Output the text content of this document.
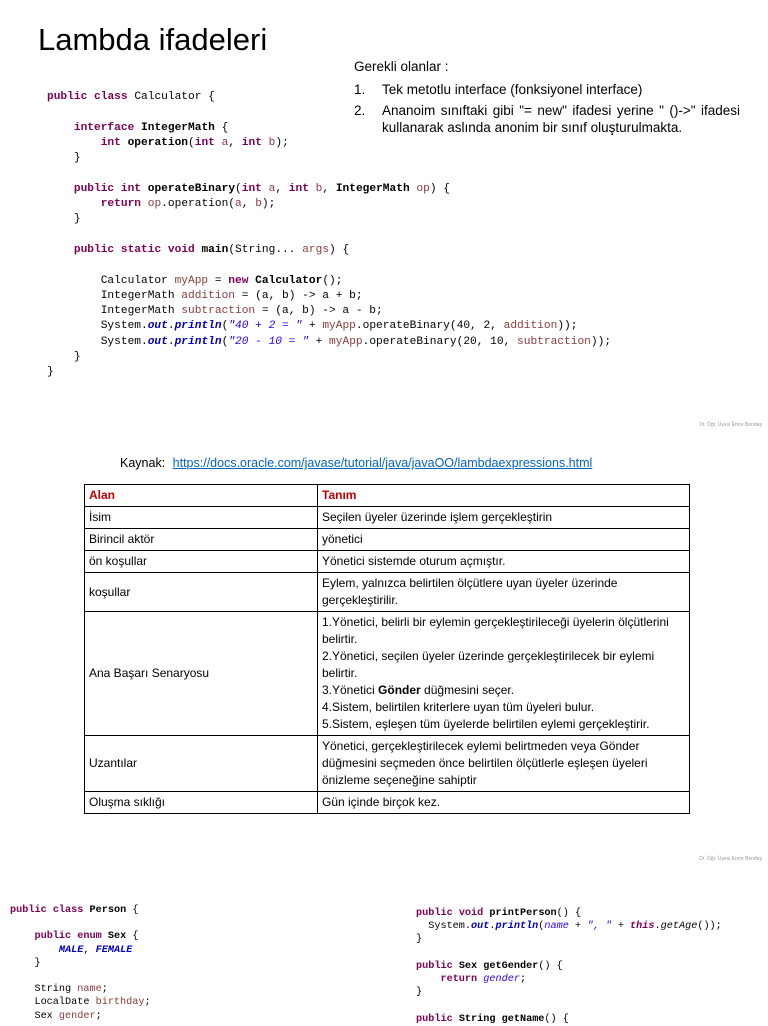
Lambda ifadeleri
public class Calculator {

interface IntegerMath {
int operation(int a, int b);
}

public int operateBinary(int a, int b, IntegerMath op) {
return op.operation(a, b);
}

public static void main(String... args) {

Calculator myApp = new Calculator();
IntegerMath addition = (a, b) -> a + b;
IntegerMath subtraction = (a, b) -> a - b;
System.out.println("40 + 2 = " + myApp.operateBinary(40, 2, addition));
System.out.println("20 - 10 = " + myApp.operateBinary(20, 10, subtraction));
}
}
Gerekli olanlar :
1. Tek metotlu interface (fonksiyonel interface)
2. Ananoim sınıftaki gibi "= new" ifadesi yerine " ()->" ifadesi kullanarak aslında anonim bir sınıf oluşturulmakta.
Dr. Öğr. Üyesi Emre Bendeş
Kaynak: https://docs.oracle.com/javase/tutorial/java/javaOO/lambdaexpressions.html
Alan	Tanım
İsim	Seçilen üyeler üzerinde işlem gerçekleştirin
Birincil aktör	yönetici
ön koşullar	Yönetici sistemde oturum açmıştır.
koşullar	Eylem, yalnızca belirtilen ölçütlere uyan üyeler üzerinde gerçekleştirilir.
Ana Başarı Senaryosu	1.Yönetici, belirli bir eylemin gerçekleştirileceği üyelerin ölçütlerini belirtir.
2.Yönetici, seçilen üyeler üzerinde gerçekleştirilecek bir eylemi belirtir.
3.Yönetici Gönder düğmesini seçer.
4.Sistem, belirtilen kriterlere uyan tüm üyeleri bulur.
5.Sistem, eşleşen tüm üyelerde belirtilen eylemi gerçekleştirir.

Uzantılar	Yönetici, gerçekleştirilecek eylemi belirtmeden veya Gönder düğmesini seçmeden önce belirtilen ölçütlerle eşleşen üyeleri önizleme seçeneğine sahiptir
Oluşma sıklığı	Gün içinde birçok kez.
Dr. Öğr. Üyesi Emre Bendeş
public class Person {

public enum Sex {
MALE, FEMALE
}

String name;
LocalDate birthday;
Sex gender;
public void printPerson() {
System.out.println(name + ", " + this.getAge());
}

public Sex getGender() {
return gender;
}

public String getName() {
